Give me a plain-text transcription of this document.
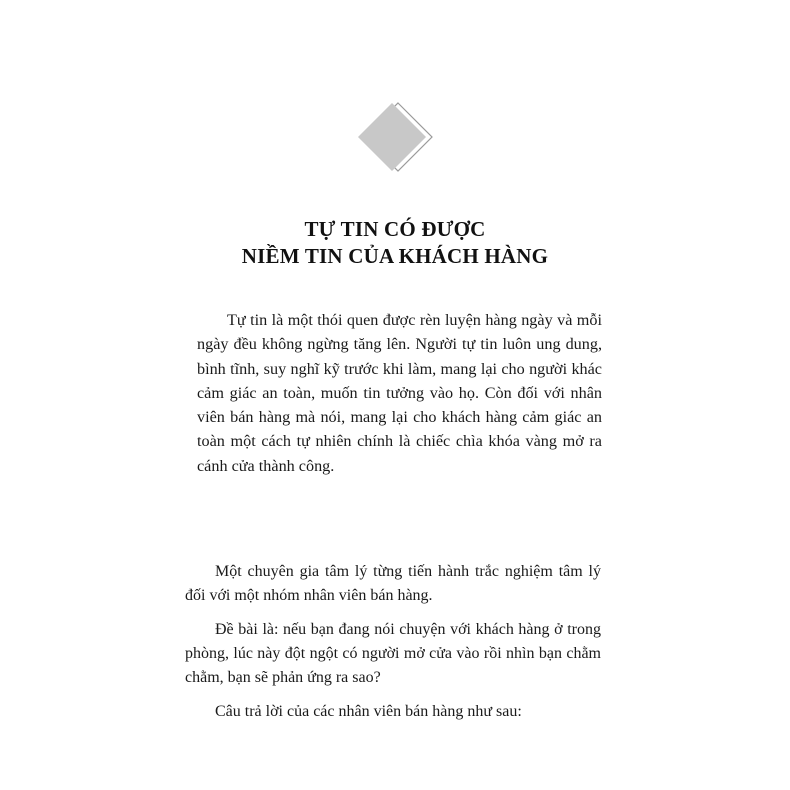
TỰ TIN CÓ ĐƯỢC
NIỀM TIN CỦA KHÁCH HÀNG

Tự tin là một thói quen được rèn luyện hàng ngày và mỗi ngày đều không ngừng tăng lên. Người tự tin luôn ung dung, bình tĩnh, suy nghĩ kỹ trước khi làm, mang lại cho người khác cảm giác an toàn, muốn tin tưởng vào họ. Còn đối với nhân viên bán hàng mà nói, mang lại cho khách hàng cảm giác an toàn một cách tự nhiên chính là chiếc chìa khóa vàng mở ra cánh cửa thành công.

Một chuyên gia tâm lý từng tiến hành trắc nghiệm tâm lý đối với một nhóm nhân viên bán hàng.

Đề bài là: nếu bạn đang nói chuyện với khách hàng ở trong phòng, lúc này đột ngột có người mở cửa vào rồi nhìn bạn chằm chằm, bạn sẽ phản ứng ra sao?

Câu trả lời của các nhân viên bán hàng như sau:
